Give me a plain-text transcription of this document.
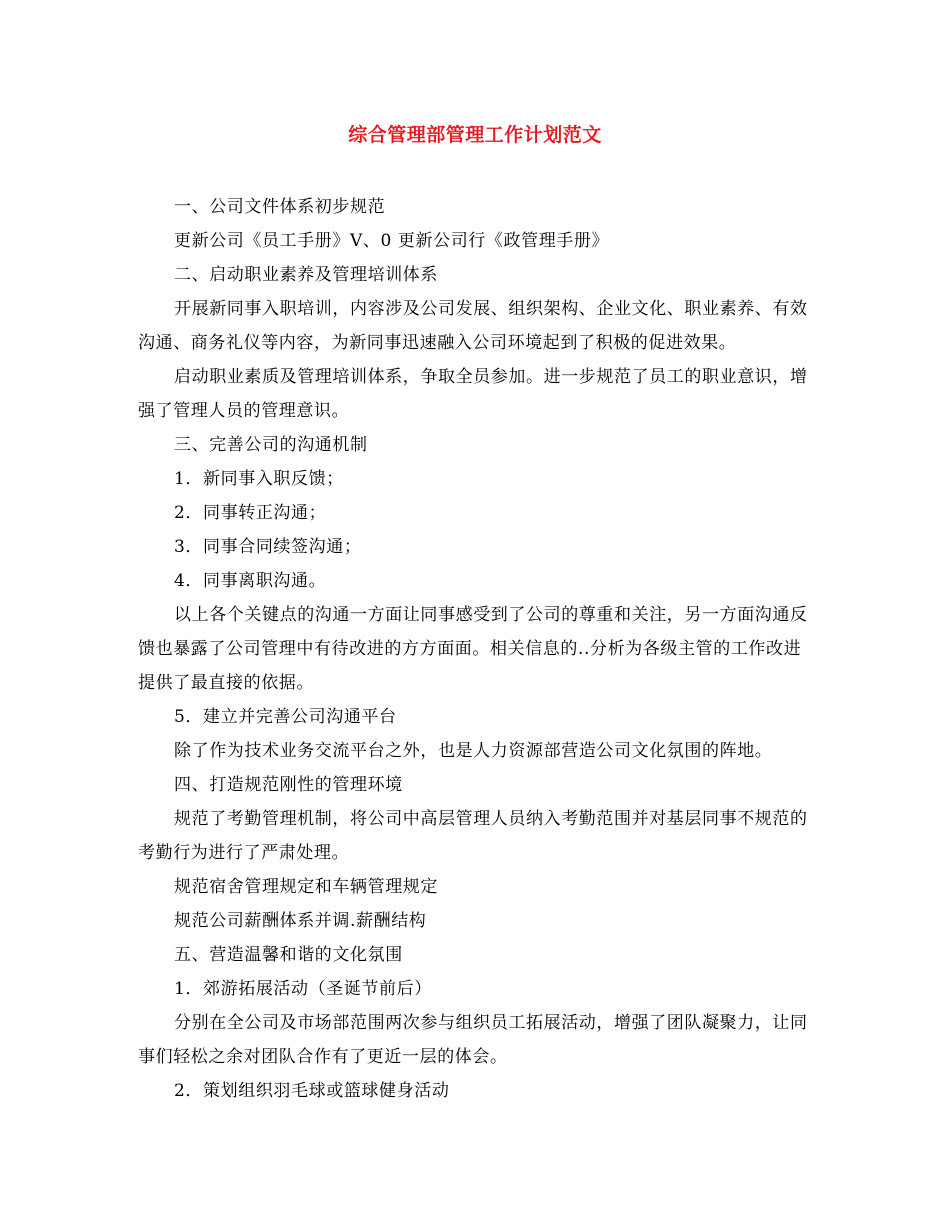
综合管理部管理工作计划范文

一、公司文件体系初步规范

更新公司《员工手册》V、0 更新公司行《政管理手册》

二、启动职业素养及管理培训体系

开展新同事入职培训，内容涉及公司发展、组织架构、企业文化、职业素养、有效沟通、商务礼仪等内容，为新同事迅速融入公司环境起到了积极的促进效果。

启动职业素质及管理培训体系，争取全员参加。进一步规范了员工的职业意识，增强了管理人员的管理意识。

三、完善公司的沟通机制

1．新同事入职反馈；

2．同事转正沟通；

3．同事合同续签沟通；

4．同事离职沟通。

以上各个关键点的沟通一方面让同事感受到了公司的尊重和关注，另一方面沟通反馈也暴露了公司管理中有待改进的方方面面。相关信息的..分析为各级主管的工作改进提供了最直接的依据。

5．建立并完善公司沟通平台

除了作为技术业务交流平台之外，也是人力资源部营造公司文化氛围的阵地。

四、打造规范刚性的管理环境

规范了考勤管理机制，将公司中高层管理人员纳入考勤范围并对基层同事不规范的考勤行为进行了严肃处理。

规范宿舍管理规定和车辆管理规定

规范公司薪酬体系并调.薪酬结构

五、营造温馨和谐的文化氛围

1．郊游拓展活动（圣诞节前后）

分别在全公司及市场部范围两次参与组织员工拓展活动，增强了团队凝聚力，让同事们轻松之余对团队合作有了更近一层的体会。

2．策划组织羽毛球或篮球健身活动
